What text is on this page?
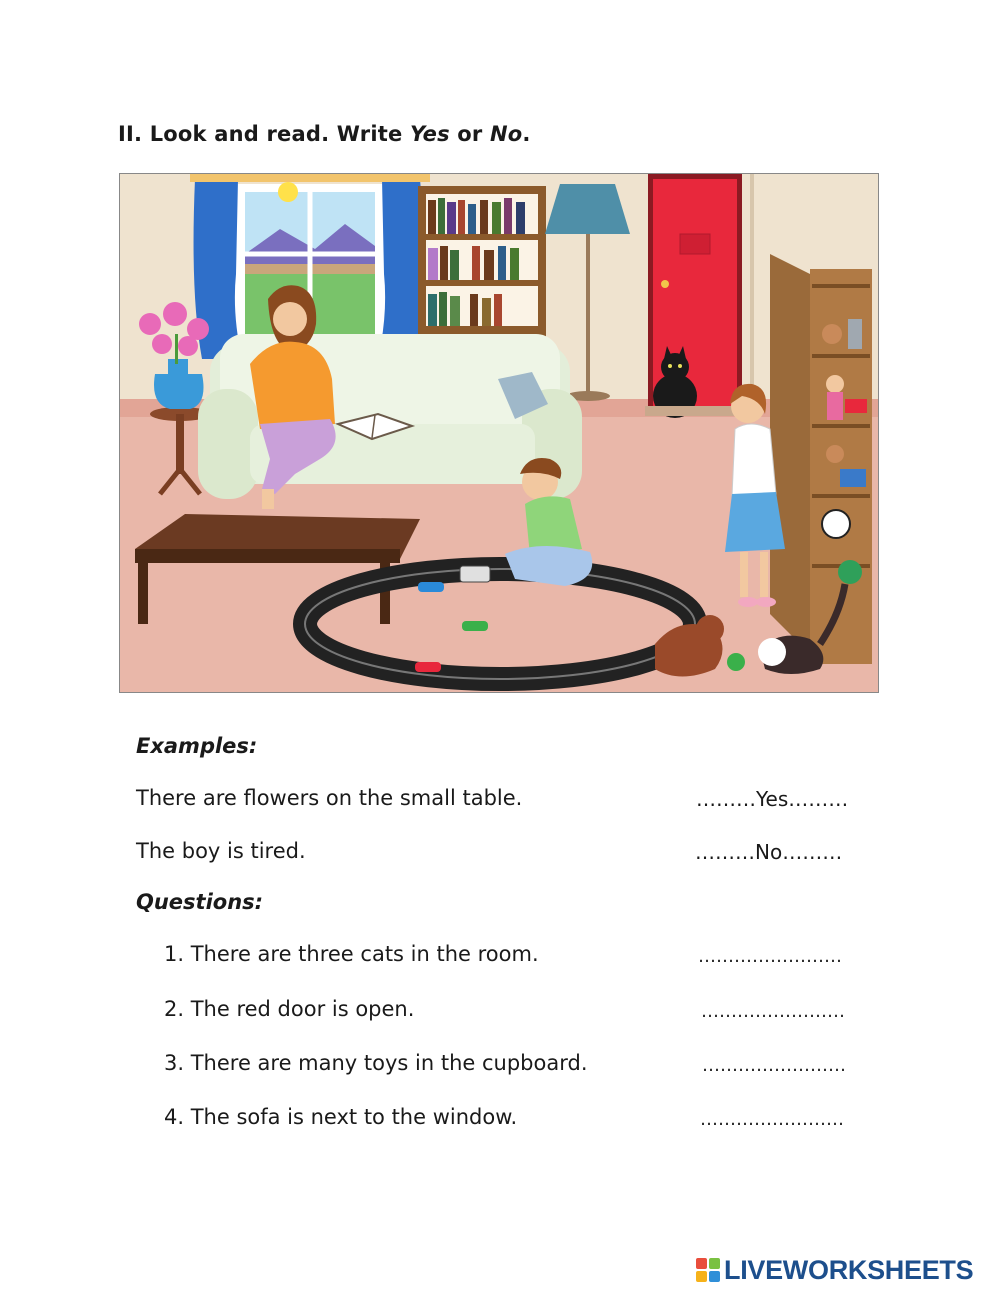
II. Look and read. Write Yes or No.
Examples:
There are flowers on the small table.	………Yes………
The boy is tired.	………No………
Questions:
1. There are three cats in the room.	……………………
2. The red door is open.	……………………
3. There are many toys in the cupboard.	……………………
4. The sofa is next to the window.	……………………
LIVEWORKSHEETS
